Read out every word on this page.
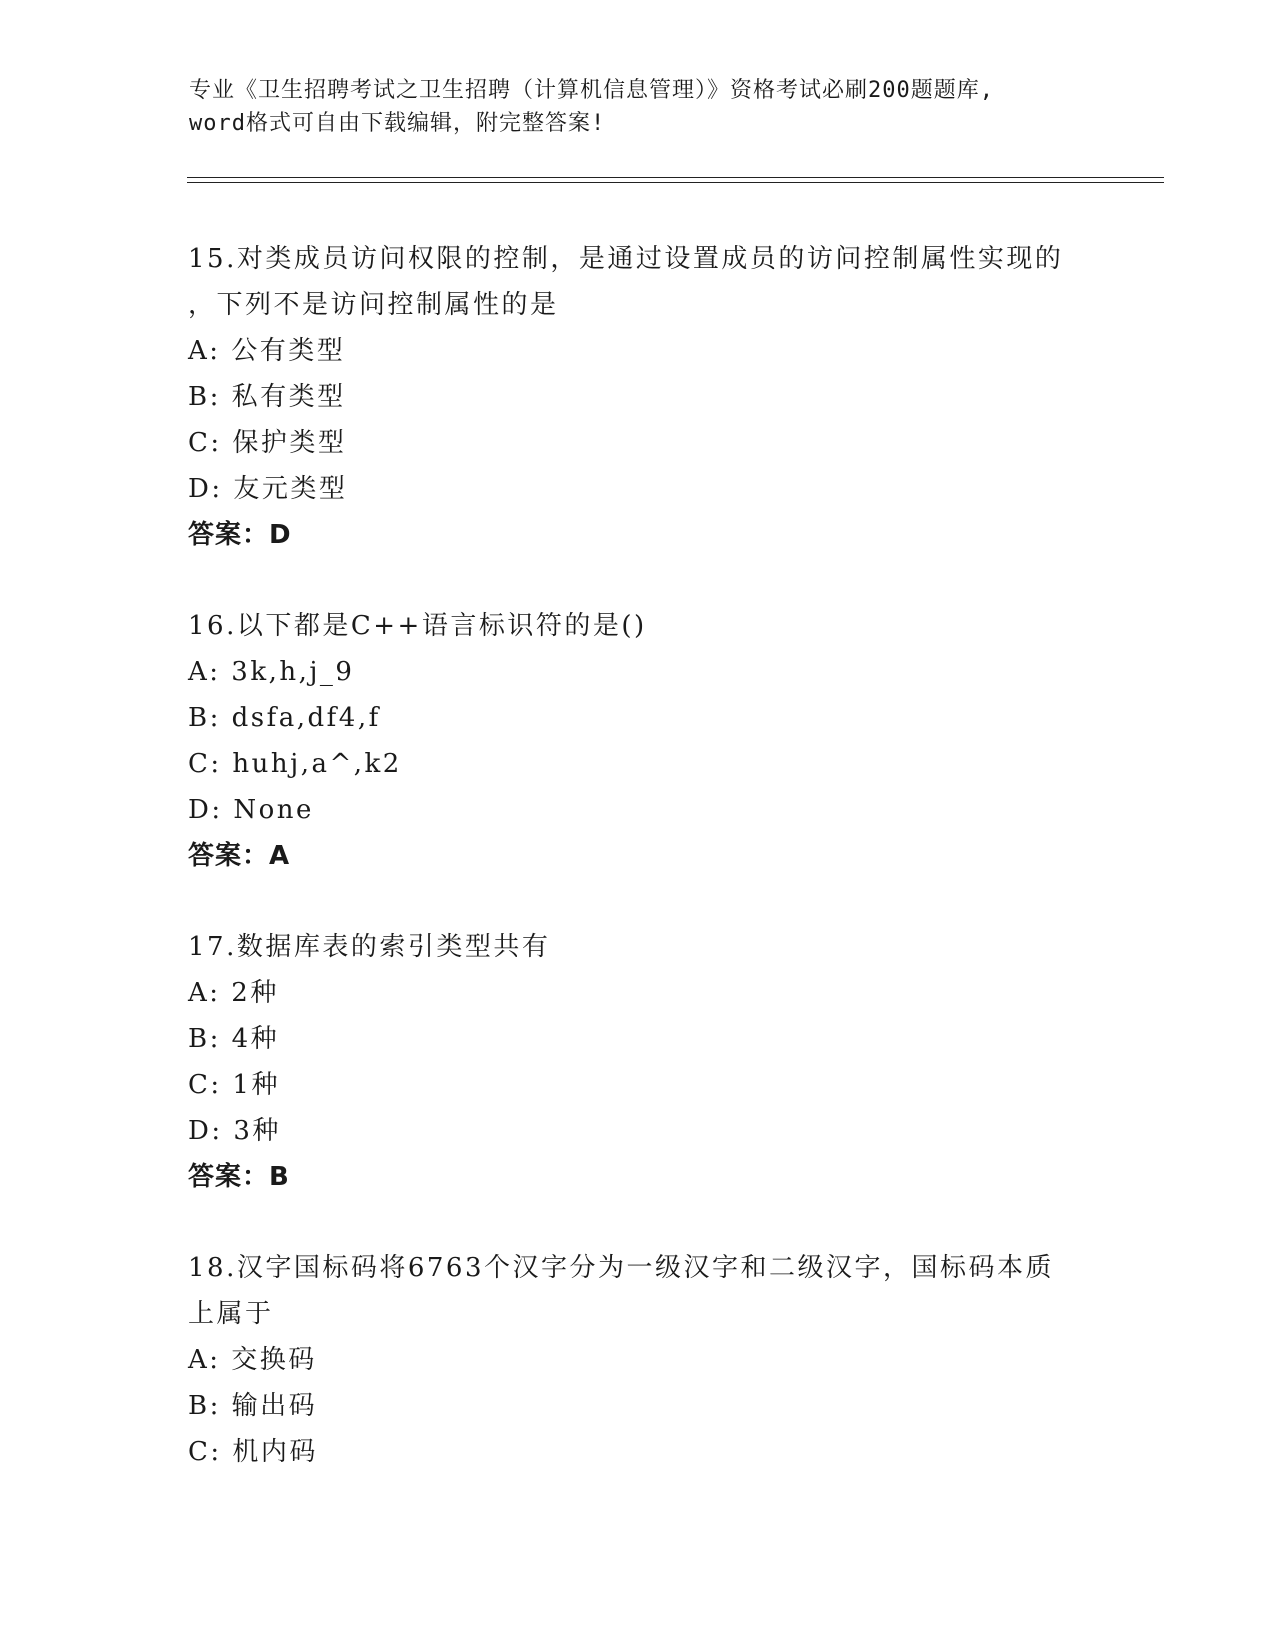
专业《卫生招聘考试之卫生招聘（计算机信息管理）》资格考试必刷200题题库,
word格式可自由下载编辑，附完整答案!
15.对类成员访问权限的控制，是通过设置成员的访问控制属性实现的
，下列不是访问控制属性的是
A: 公有类型
B: 私有类型
C: 保护类型
D: 友元类型
答案：D
16.以下都是C++语言标识符的是()
A: 3k,h,j_9
B: dsfa,df4,f
C: huhj,a^,k2
D: None
答案：A
17.数据库表的索引类型共有
A: 2种
B: 4种
C: 1种
D: 3种
答案：B
18.汉字国标码将6763个汉字分为一级汉字和二级汉字，国标码本质
上属于
A: 交换码
B: 输出码
C: 机内码
